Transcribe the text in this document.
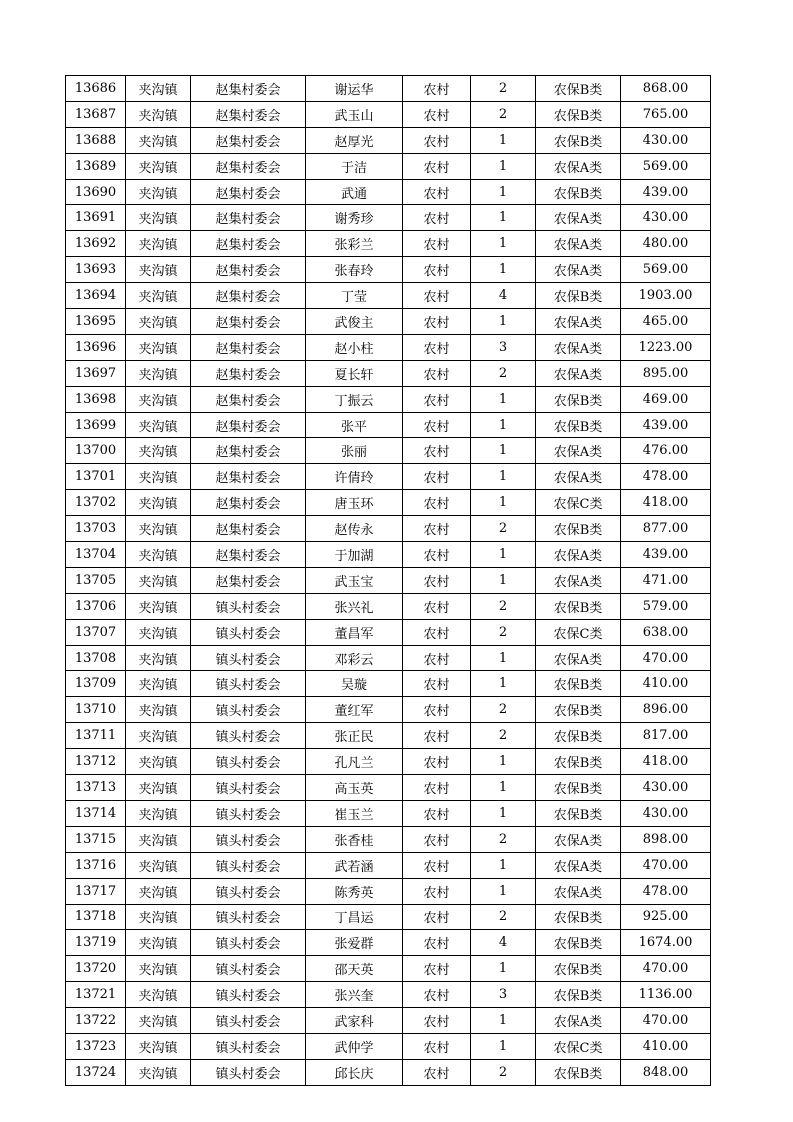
13686	夹沟镇	赵集村委会	谢运华	农村	2	农保B类	868.00
13687	夹沟镇	赵集村委会	武玉山	农村	2	农保B类	765.00
13688	夹沟镇	赵集村委会	赵厚光	农村	1	农保B类	430.00
13689	夹沟镇	赵集村委会	于洁	农村	1	农保A类	569.00
13690	夹沟镇	赵集村委会	武通	农村	1	农保B类	439.00
13691	夹沟镇	赵集村委会	谢秀珍	农村	1	农保A类	430.00
13692	夹沟镇	赵集村委会	张彩兰	农村	1	农保A类	480.00
13693	夹沟镇	赵集村委会	张春玲	农村	1	农保A类	569.00
13694	夹沟镇	赵集村委会	丁莹	农村	4	农保B类	1903.00
13695	夹沟镇	赵集村委会	武俊主	农村	1	农保A类	465.00
13696	夹沟镇	赵集村委会	赵小柱	农村	3	农保A类	1223.00
13697	夹沟镇	赵集村委会	夏长轩	农村	2	农保A类	895.00
13698	夹沟镇	赵集村委会	丁振云	农村	1	农保B类	469.00
13699	夹沟镇	赵集村委会	张平	农村	1	农保B类	439.00
13700	夹沟镇	赵集村委会	张丽	农村	1	农保A类	476.00
13701	夹沟镇	赵集村委会	许倩玲	农村	1	农保A类	478.00
13702	夹沟镇	赵集村委会	唐玉环	农村	1	农保C类	418.00
13703	夹沟镇	赵集村委会	赵传永	农村	2	农保B类	877.00
13704	夹沟镇	赵集村委会	于加湖	农村	1	农保A类	439.00
13705	夹沟镇	赵集村委会	武玉宝	农村	1	农保A类	471.00
13706	夹沟镇	镇头村委会	张兴礼	农村	2	农保B类	579.00
13707	夹沟镇	镇头村委会	董昌军	农村	2	农保C类	638.00
13708	夹沟镇	镇头村委会	邓彩云	农村	1	农保A类	470.00
13709	夹沟镇	镇头村委会	吴璇	农村	1	农保B类	410.00
13710	夹沟镇	镇头村委会	董红军	农村	2	农保B类	896.00
13711	夹沟镇	镇头村委会	张正民	农村	2	农保B类	817.00
13712	夹沟镇	镇头村委会	孔凡兰	农村	1	农保B类	418.00
13713	夹沟镇	镇头村委会	高玉英	农村	1	农保B类	430.00
13714	夹沟镇	镇头村委会	崔玉兰	农村	1	农保B类	430.00
13715	夹沟镇	镇头村委会	张香桂	农村	2	农保A类	898.00
13716	夹沟镇	镇头村委会	武若涵	农村	1	农保A类	470.00
13717	夹沟镇	镇头村委会	陈秀英	农村	1	农保A类	478.00
13718	夹沟镇	镇头村委会	丁昌运	农村	2	农保B类	925.00
13719	夹沟镇	镇头村委会	张爱群	农村	4	农保B类	1674.00
13720	夹沟镇	镇头村委会	邵天英	农村	1	农保B类	470.00
13721	夹沟镇	镇头村委会	张兴奎	农村	3	农保B类	1136.00
13722	夹沟镇	镇头村委会	武家科	农村	1	农保A类	470.00
13723	夹沟镇	镇头村委会	武仲学	农村	1	农保C类	410.00
13724	夹沟镇	镇头村委会	邱长庆	农村	2	农保B类	848.00
